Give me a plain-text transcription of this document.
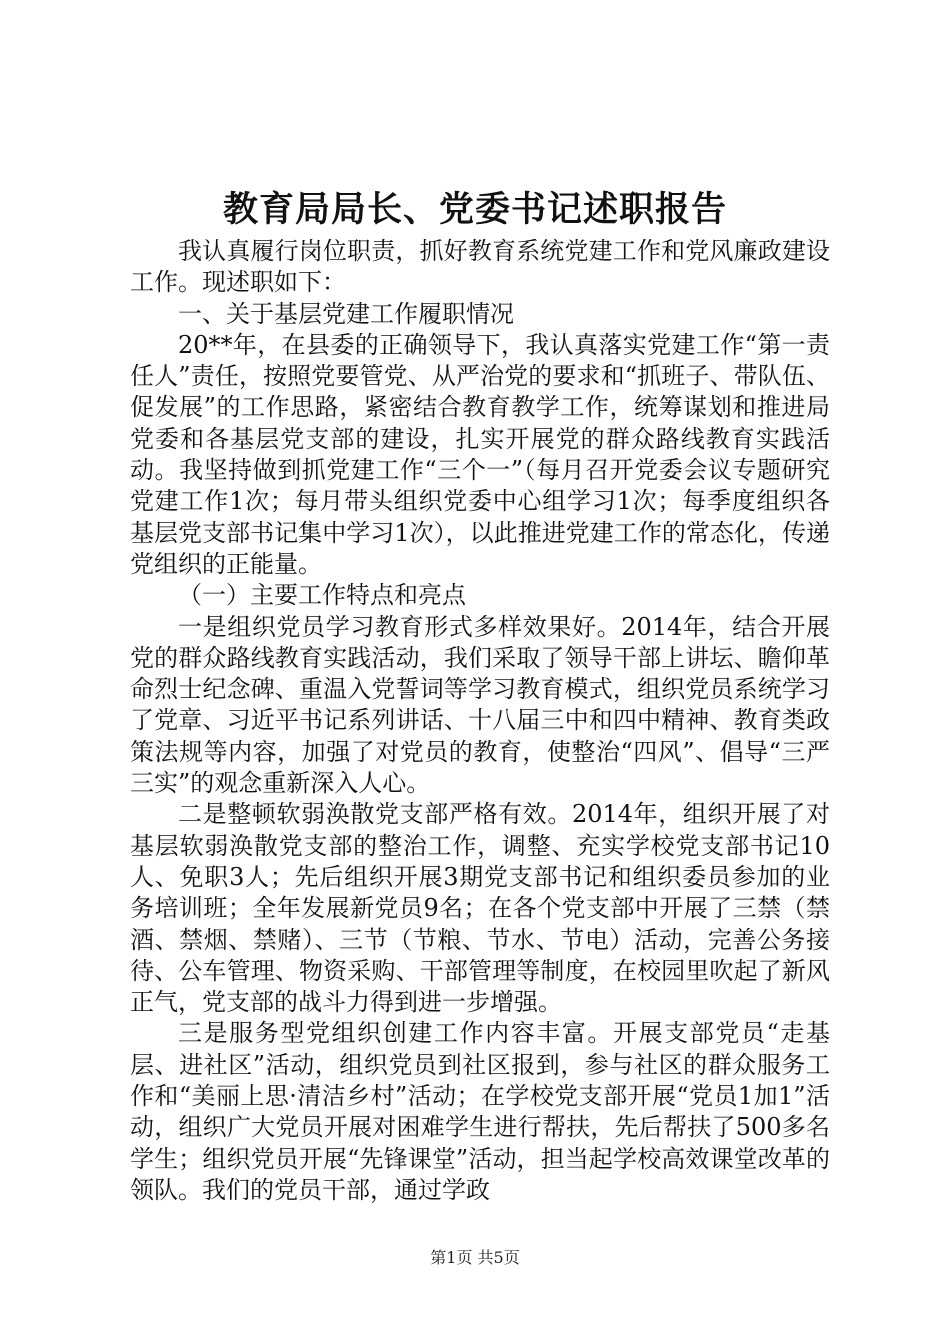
教育局局长、党委书记述职报告

我认真履行岗位职责，抓好教育系统党建工作和党风廉政建设工作。现述职如下：

一、关于基层党建工作履职情况

20**年，在县委的正确领导下，我认真落实党建工作“第一责任人”责任，按照党要管党、从严治党的要求和“抓班子、带队伍、促发展”的工作思路，紧密结合教育教学工作，统筹谋划和推进局党委和各基层党支部的建设，扎实开展党的群众路线教育实践活动。我坚持做到抓党建工作“三个一”（每月召开党委会议专题研究党建工作1次；每月带头组织党委中心组学习1次；每季度组织各基层党支部书记集中学习1次），以此推进党建工作的常态化，传递党组织的正能量。

（一）主要工作特点和亮点

一是组织党员学习教育形式多样效果好。2014年，结合开展党的群众路线教育实践活动，我们采取了领导干部上讲坛、瞻仰革命烈士纪念碑、重温入党誓词等学习教育模式，组织党员系统学习了党章、习近平书记系列讲话、十八届三中和四中精神、教育类政策法规等内容，加强了对党员的教育，使整治“四风”、倡导“三严三实”的观念重新深入人心。

二是整顿软弱涣散党支部严格有效。2014年，组织开展了对基层软弱涣散党支部的整治工作，调整、充实学校党支部书记10人、免职3人；先后组织开展3期党支部书记和组织委员参加的业务培训班；全年发展新党员9名；在各个党支部中开展了三禁（禁酒、禁烟、禁赌）、三节（节粮、节水、节电）活动，完善公务接待、公车管理、物资采购、干部管理等制度，在校园里吹起了新风正气，党支部的战斗力得到进一步增强。

三是服务型党组织创建工作内容丰富。开展支部党员“走基层、进社区”活动，组织党员到社区报到，参与社区的群众服务工作和“美丽上思·清洁乡村”活动；在学校党支部开展“党员1加1”活动，组织广大党员开展对困难学生进行帮扶，先后帮扶了500多名学生；组织党员开展“先锋课堂”活动，担当起学校高效课堂改革的领队。我们的党员干部，通过学政

第1页 共5页
